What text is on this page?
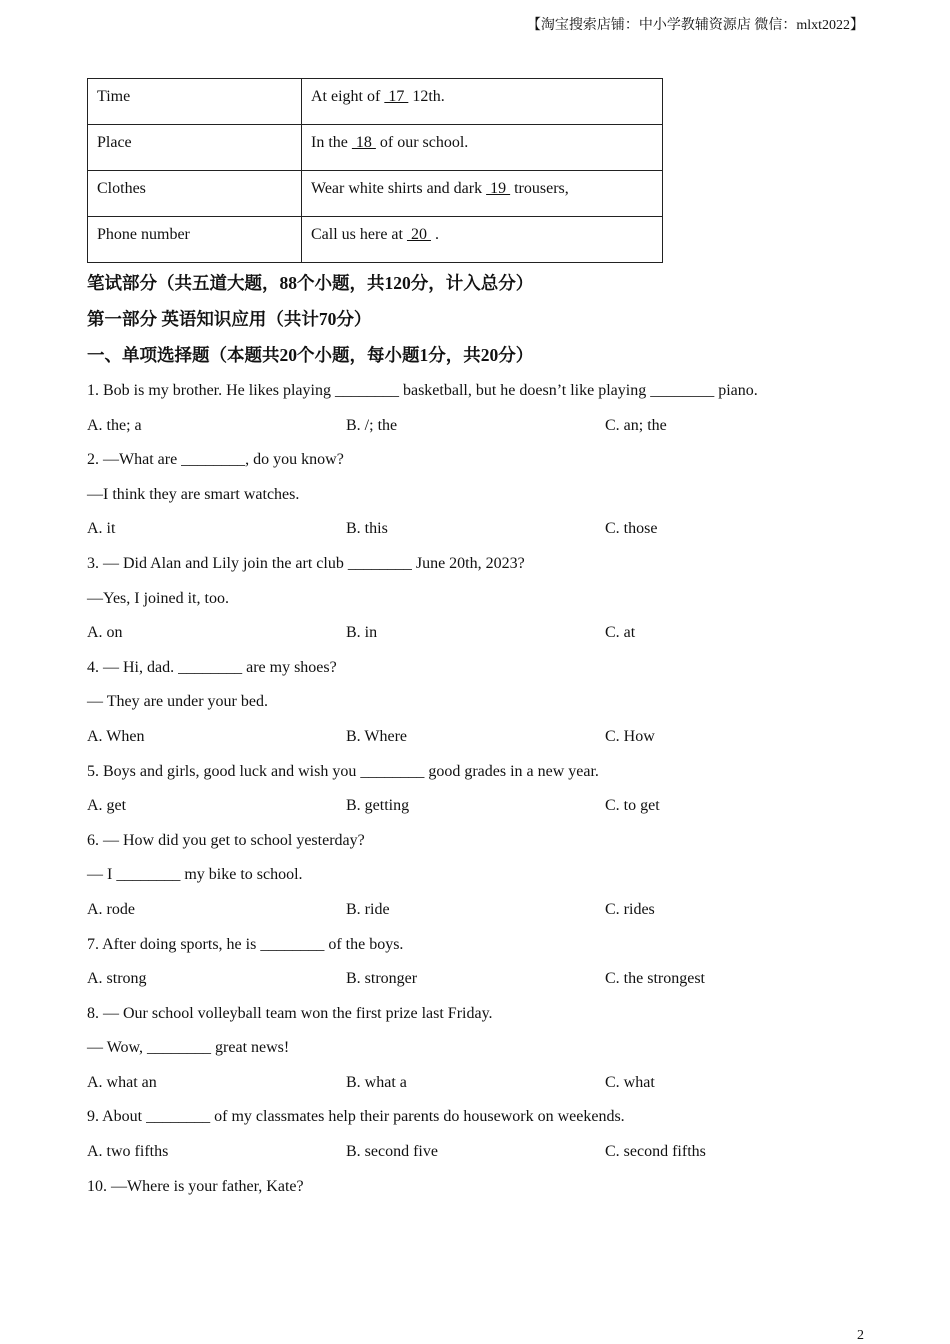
【淘宝搜索店铺：中小学教辅资源店 微信：mlxt2022】
Time	At eight of  17  12th.
Place	In the  18  of our school.
Clothes	Wear white shirts and dark  19  trousers,
Phone number	Call us here at  20  .
笔试部分（共五道大题，88个小题，共120分，计入总分）
第一部分 英语知识应用（共计70分）
一、单项选择题（本题共20个小题，每小题1分，共20分）
1. Bob is my brother. He likes playing ________ basketball, but he doesn’t like playing ________ piano.
A. the; a	B. /; the	C. an; the
2. —What are ________, do you know?
—I think they are smart watches.
A. it	B. this	C. those
3. — Did Alan and Lily join the art club ________ June 20th, 2023?
—Yes, I joined it, too.
A. on	B. in	C. at
4. — Hi, dad. ________ are my shoes?
— They are under your bed.
A. When	B. Where	C. How
5. Boys and girls, good luck and wish you ________ good grades in a new year.
A. get	B. getting	C. to get
6. — How did you get to school yesterday?
— I ________ my bike to school.
A. rode	B. ride	C. rides
7. After doing sports, he is ________ of the boys.
A. strong	B. stronger	C. the strongest
8. — Our school volleyball team won the first prize last Friday.
— Wow, ________ great news!
A. what an	B. what a	C. what
9. About ________ of my classmates help their parents do housework on weekends.
A. two fifths	B. second five	C. second fifths
10. —Where is your father, Kate?
2
